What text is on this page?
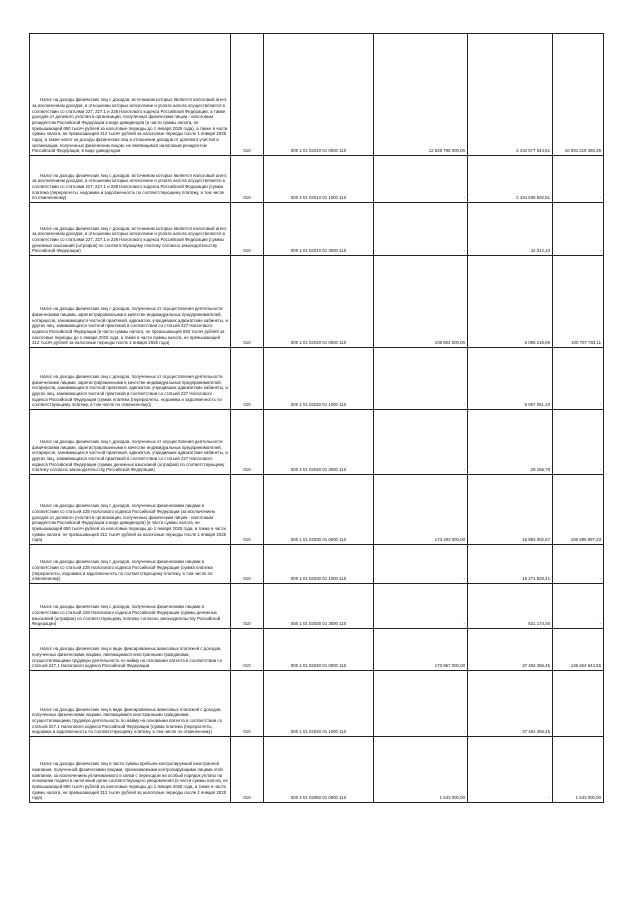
Налог на доходы физических лиц с доходов, источником которых является налоговый агент, за исключением доходов, в отношении которых исчисление и уплата налога осуществляются в соответствии со статьями 227, 227.1 и 228 Налогового кодекса Российской Федерации, а также доходов от долевого участия в организации, полученных физическим лицом - налоговым резидентом Российской Федерации в виде дивидендов (в части суммы налога, не превышающей 650 тысяч рублей за налоговые периоды до 1 января 2025 года), а также в части суммы налога, не превышающей 312 тысяч рублей за налоговые периоды после 1 января 2025 года), а также налог на доходы физических лиц в отношении доходов от долевого участия в организации, полученных физическим лицом, не являющимся налоговым резидентом Российской Федерации, в виде дивидендов	010	000 1 01 02010 01 0000 110	12 528 796 000,00	2 434 577 544,61	10 094 218 455,39

Налог на доходы физических лиц с доходов, источником которых является налоговый агент, за исключением доходов, в отношении которых исчисление и уплата налога осуществляются в соответствии со статьями 227, 227.1 и 228 Налогового кодекса Российской Федерации (сумма платежа (перерасчеты, недоимка и задолженность по соответствующему платежу, в том числе по отмененному)	010	000 1 01 02010 01 1000 110	-	2 434 535 532,51	-

Налог на доходы физических лиц с доходов, источником которых является налоговый агент, за исключением доходов, в отношении которых исчисление и уплата налога осуществляются в соответствии со статьями 227, 227.1 и 228 Налогового кодекса Российской Федерации (суммы денежных взысканий (штрафов) по соответствующему платежу согласно законодательству Российской Федерации)	010	000 1 01 02010 01 3000 110	-	42 012,10	-

Налог на доходы физических лиц с доходов, полученных от осуществления деятельности физическими лицами, зарегистрированными в качестве индивидуальных предпринимателей, нотариусов, занимающихся частной практикой, адвокатов, учредивших адвокатские кабинеты, и других лиц, занимающихся частной практикой в соответствии со статьей 227 Налогового кодекса Российской Федерации (в части суммы налога, не превышающей 650 тысяч рублей за налоговые периоды до 1 января 2025 года, а также в части суммы налога, не превышающей 312 тысяч рублей за налоговые периоды после 1 января 2025 года)	010	000 1 01 02020 01 0000 110	106 804 000,00	6 096 216,89	100 707 783,11

Налог на доходы физических лиц с доходов, полученных от осуществления деятельности физическими лицами, зарегистрированными в качестве индивидуальных предпринимателей, нотариусов, занимающихся частной практикой, адвокатов, учредивших адвокатские кабинеты, и других лиц, занимающихся частной практикой в соответствии со статьей 227 Налогового кодекса Российской Федерации (сумма платежа (перерасчеты, недоимка и задолженность по соответствующему платежу, в том числе по отмененному))	010	000 1 01 02020 01 1000 110	-	6 067 051,10	-

Налог на доходы физических лиц с доходов, полученных от осуществления деятельности физическими лицами, зарегистрированными в качестве индивидуальных предпринимателей, нотариусов, занимающихся частной практикой, адвокатов, учредивших адвокатские кабинеты, и других лиц, занимающихся частной практикой в соответствии со статьей 227 Налогового кодекса Российской Федерации (суммы денежных взысканий (штрафов) по соответствующему платежу согласно законодательству Российской Федерации)	010	000 1 01 02020 01 3000 110	-	29 165,79	-

Налог на доходы физических лиц с доходов, полученных физическими лицами в соответствии со статьей 228 Налогового кодекса Российской Федерации (за исключением доходов от долевого участия в организации, полученных физическим лицом - налоговым резидентом Российской Федерации в виде дивидендов) (в части суммы налога, не превышающей 650 тысяч рублей за налоговые периоды до 1 января 2025 года, а также в части суммы налога, не превышающей 312 тысяч рублей за налоговые периоды после 1 января 2025 года)	010	000 1 01 02030 01 0000 110	173 493 000,00	16 893 002,67	156 599 997,33

Налог на доходы физических лиц с доходов, полученных физическими лицами в соответствии со статьей 228 Налогового кодекса Российской Федерации (сумма платежа (перерасчеты, недоимка и задолженность по соответствующему платежу, в том числе по отмененному)	010	000 1 01 02030 01 1000 110	-	16 271 828,41	-

Налог на доходы физических лиц с доходов, полученных физическими лицами в соответствии со статьей 228 Налогового кодекса Российской Федерации (суммы денежных взысканий (штрафов) по соответствующему платежу согласно законодательству Российской Федерации)	010	000 1 01 02030 01 3000 110	-	621 174,26	-

Налог на доходы физических лиц в виде фиксированных авансовых платежей с доходов, полученных физическими лицами, являющимися иностранными гражданами, осуществляющими трудовую деятельность по найму на основании патента в соответствии со статьей 227.1 Налогового кодекса Российской Федерации	010	000 1 01 02040 01 0000 110	173 957 000,00	37 492 356,45	136 464 643,55

Налог на доходы физических лиц в виде фиксированных авансовых платежей с доходов, полученных физическими лицами, являющимися иностранными гражданами, осуществляющими трудовую деятельность по найму на основании патента в соответствии со статьей 227.1 Налогового кодекса Российской Федерации (сумма платежа (перерасчеты, недоимка и задолженность по соответствующему платежу, в том числе по отмененному)	010	000 1 01 02040 01 1000 110	-	37 492 356,45	-

Налог на доходы физических лиц в части суммы прибыли контролируемой иностранной компании, полученной физическими лицами, признаваемыми контролирующими лицами этой компании, за исключением уплачиваемого в связи с переходом на особый порядок уплаты на основании подачи в налоговый орган соответствующего уведомления (в части суммы налога, не превышающей 650 тысяч рублей за налоговые периоды до 1 января 2025 года, а также в части суммы налога, не превышающей 312 тысяч рублей за налоговые периоды после 1 января 2025 года)	010	000 1 01 02050 01 0000 110	1 543 000,00	-	1 543 000,00
